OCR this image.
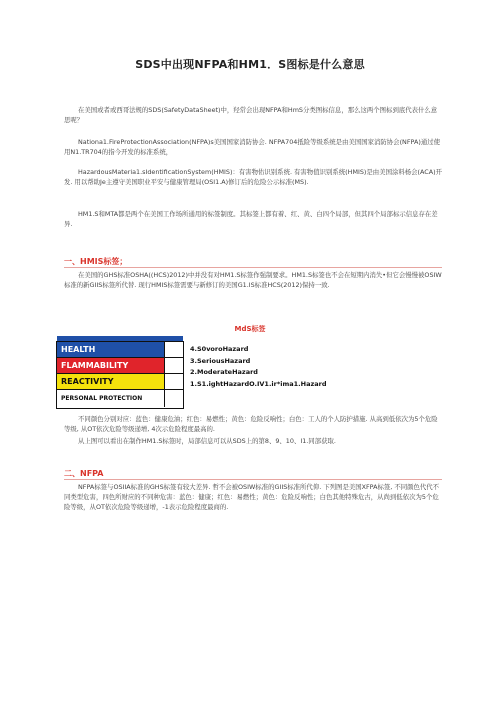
SDS中出现NFPA和HM1．S图标是什么意思

在美国或者或西哥法规的SDS(SafetyDataSheet)中，羟常会出现NFPA和HmS分类图标信息，那么这两个图标到底代表什么意思呢？

Nationa1.FireProtectionAssociation(NFPA)s美国国家消防协会. NFPA704抵险等级系统是由美国国家消防协会(NFPA)通过使用N1.TR704的指今开发的标准系统，

HazardousMateria1.sIdentificationSystem(HMIS)：有害物佑识别系统. 有害物值识别系统(HMIS)是由美国涂料杨会(ACA)开发. 用以帮助Je主遵守美国职业平安与健康管理局(OSI1.A)修订后的危险公示标准(MS).

HM1.S和MTA都是两个在美国工作场所通用的标签制度。其标签上都有着、红、黄、白四个局部，但其四个局部标示信息存在差异.

一、HMIS标签；

在美国的GHS标准OSHA((HCS)2012)中并没有对HM1.S标签作强制要求。HM1.S标签也不会在短期内消失•但它会慢慢被OSIW标准的新GIIS标签所代替. 现行HMIS标签需要与新修订的美国G1.IS标准HCS(2012)保持一致.

MdS标签
HEALTH
FLAMMABILITY
REACTIVITY
PERSONAL PROTECTION
4.S0voroHazard
3.SeriousHazard
2.ModerateHazard
1.S1.ightHazardO.IV1.ir*ima1.Hazard

不同颜色分别对应：蓝色：健康危油；红色：易燃性；黄色：危险反响性；白色：工人的个人防护措施. 从高到低依次为5个危险等级, 从OT依次危险等级递增, 4次示危险程度最高的.

从上图可以看出在制作HM1.S标签时，局部信息可以从SDS上的第8、9、10、I1.同部获取.

二、NFPA

NFPA标签与OSIIA标准的GHS标签有较大差异. 哲不会被OSIW标准的GIIS标准所代仰. 下列图是美国XFPA标签, 不同颜色代代不同类型危害，四色所财应的不同种危害：蓝色：健康；红色：易燃性；黄色：危险反响性；白色其他特殊危古，从尚到低依次为5个危险等级，从OT依次危险等级递增，-1表示危险程度最商的.
